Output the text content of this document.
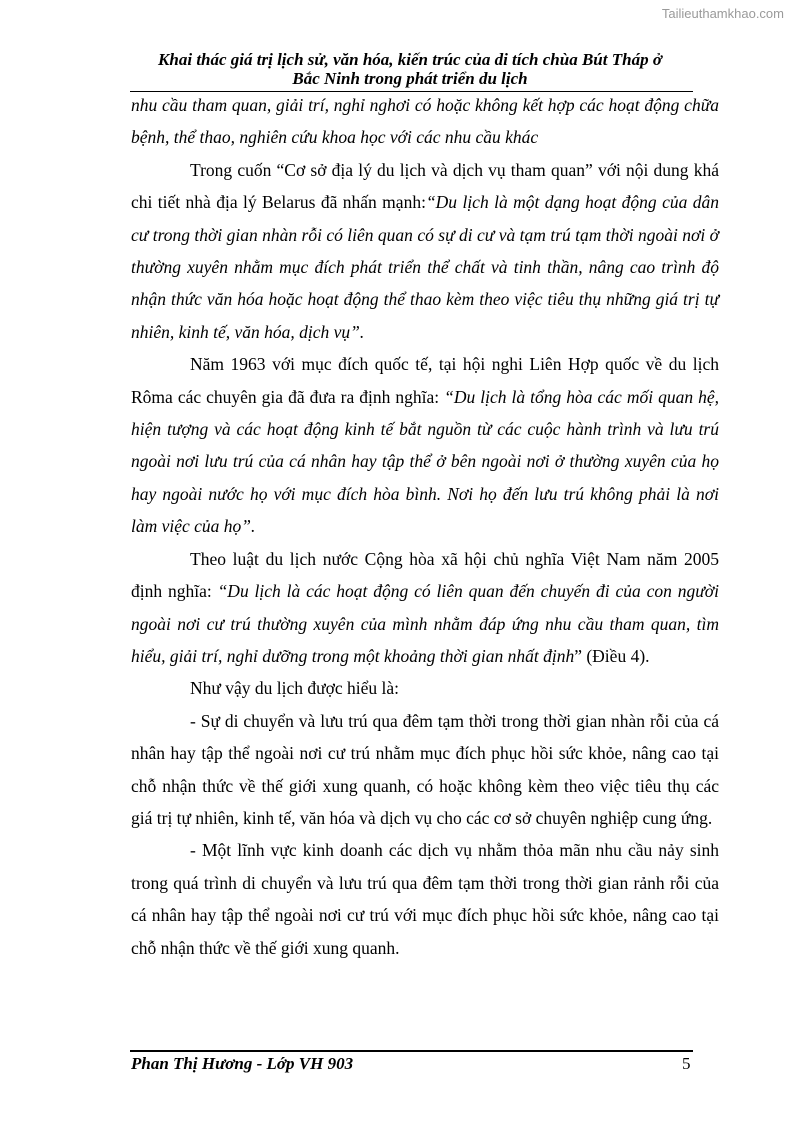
Tailieuthamkhao.com
Khai thác giá trị lịch sử, văn hóa, kiến trúc của di tích chùa Bút Tháp ở
Bắc Ninh trong phát triển du lịch

nhu cầu tham quan, giải trí, nghỉ nghơi có hoặc không kết hợp các hoạt động chữa bệnh, thể thao, nghiên cứu khoa học với các nhu cầu khác

Trong cuốn “Cơ sở địa lý du lịch và dịch vụ tham quan” với nội dung khá chi tiết nhà địa lý Belarus đã nhấn mạnh:“Du lịch là một dạng hoạt động của dân cư trong thời gian nhàn rỗi có liên quan có sự di cư và tạm trú tạm thời ngoài nơi ở thường xuyên nhằm mục đích phát triển thể chất và tinh thần, nâng cao trình độ nhận thức văn hóa hoặc hoạt động thể thao kèm theo việc tiêu thụ những giá trị tự nhiên, kinh tế, văn hóa, dịch vụ”.

Năm 1963 với mục đích quốc tế, tại hội nghi Liên Hợp quốc về du lịch Rôma các chuyên gia đã đưa ra định nghĩa: “Du lịch là tổng hòa các mối quan hệ, hiện tượng và các hoạt động kinh tế bắt nguồn từ các cuộc hành trình và lưu trú ngoài nơi lưu trú của cá nhân hay tập thể ở bên ngoài nơi ở thường xuyên của họ hay ngoài nước họ với mục đích hòa bình. Nơi họ đến lưu trú không phải là nơi làm việc của họ”.

Theo luật du lịch nước Cộng hòa xã hội chủ nghĩa Việt Nam năm 2005 định nghĩa: “Du lịch là các hoạt động có liên quan đến chuyến đi của con người ngoài nơi cư trú thường xuyên của mình nhằm đáp ứng nhu cầu tham quan, tìm hiểu, giải trí, nghỉ dưỡng trong một khoảng thời gian nhất định” (Điều 4).

Như vậy du lịch được hiểu là:

- Sự di chuyển và lưu trú qua đêm tạm thời trong thời gian nhàn rỗi của cá nhân hay tập thể ngoài nơi cư trú nhằm mục đích phục hồi sức khỏe, nâng cao tại chỗ nhận thức về thế giới xung quanh, có hoặc không kèm theo việc tiêu thụ các giá trị tự nhiên, kinh tế, văn hóa và dịch vụ cho các cơ sở chuyên nghiệp cung ứng.

- Một lĩnh vực kinh doanh các dịch vụ nhằm thỏa mãn nhu cầu nảy sinh trong quá trình di chuyển và lưu trú qua đêm tạm thời trong thời gian rảnh rỗi của cá nhân hay tập thể ngoài nơi cư trú với mục đích phục hồi sức khỏe, nâng cao tại chỗ nhận thức về thế giới xung quanh.

Phan Thị Hương - Lớp VH 903	5
